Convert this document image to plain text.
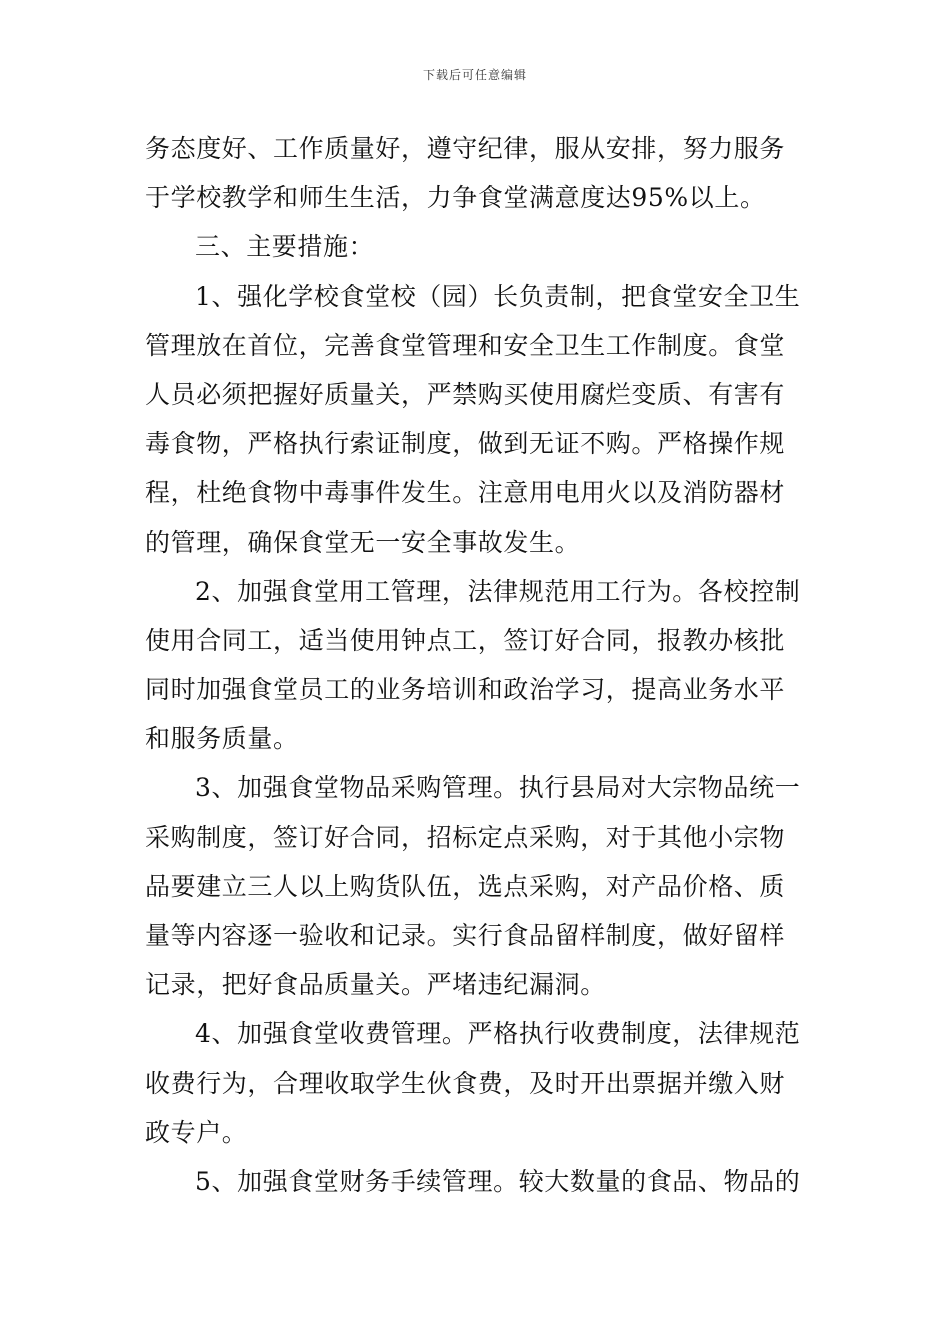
下载后可任意编辑
务态度好、工作质量好，遵守纪律，服从安排，努力服务
于学校教学和师生生活，力争食堂满意度达95%以上。
三、主要措施：
1、强化学校食堂校（园）长负责制，把食堂安全卫生
管理放在首位，完善食堂管理和安全卫生工作制度。食堂
人员必须把握好质量关，严禁购买使用腐烂变质、有害有
毒食物，严格执行索证制度，做到无证不购。严格操作规
程，杜绝食物中毒事件发生。注意用电用火以及消防器材
的管理，确保食堂无一安全事故发生。
2、加强食堂用工管理，法律规范用工行为。各校控制
使用合同工，适当使用钟点工，签订好合同，报教办核批
同时加强食堂员工的业务培训和政治学习，提高业务水平
和服务质量。
3、加强食堂物品采购管理。执行县局对大宗物品统一
采购制度，签订好合同，招标定点采购，对于其他小宗物
品要建立三人以上购货队伍，选点采购，对产品价格、质
量等内容逐一验收和记录。实行食品留样制度，做好留样
记录，把好食品质量关。严堵违纪漏洞。
4、加强食堂收费管理。严格执行收费制度，法律规范
收费行为，合理收取学生伙食费，及时开出票据并缴入财
政专户。
5、加强食堂财务手续管理。较大数量的食品、物品的
